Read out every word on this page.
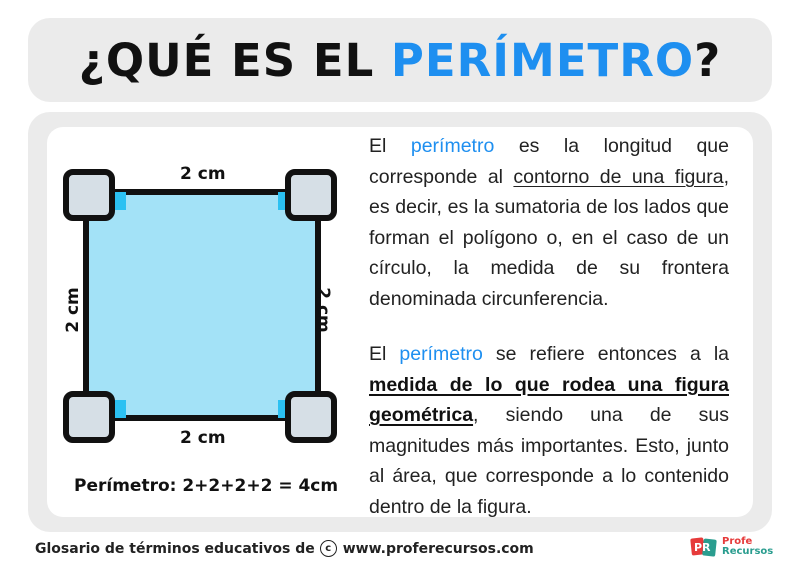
¿QUÉ ES EL PERÍMETRO?
2 cm
2 cm
2 cm	2 cm
Perímetro: 2+2+2+2 = 4cm
El perímetro es la longitud que corresponde al contorno de una figura, es decir, es la sumatoria de los lados que forman el polígono o, en el caso de un círculo, la medida de su frontera denominada circunferencia.
El perímetro se refiere entonces a la medida de lo que rodea una figura geométrica, siendo una de sus magnitudes más importantes. Esto, junto al área, que corresponde a lo contenido dentro de la figura.
Glosario de términos educativos de	c www.proferecursos.com	PR Profe
Recursos
